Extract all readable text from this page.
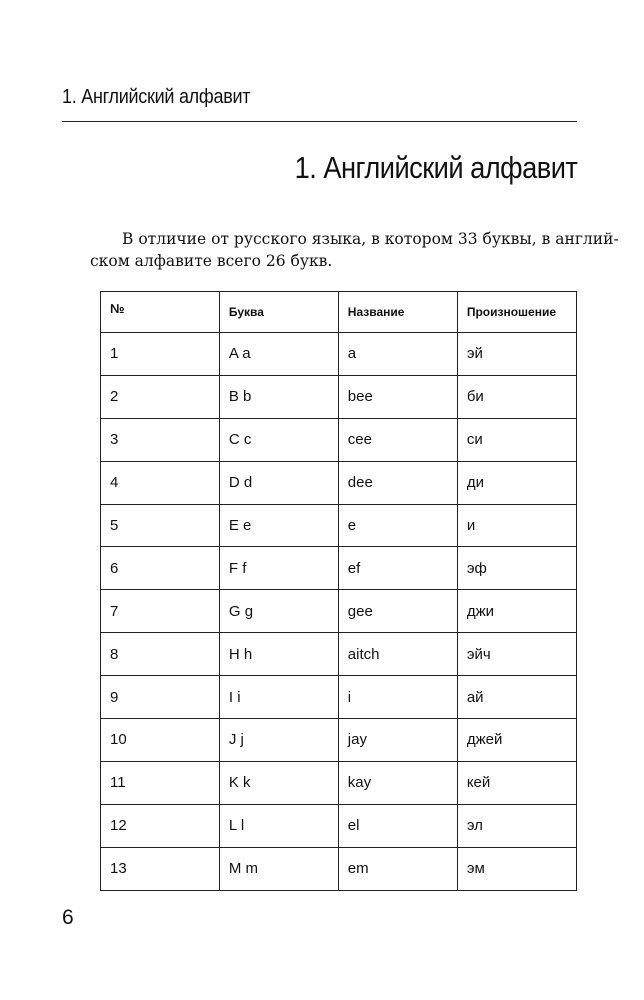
1. Английский алфавит
1. Английский алфавит

В отличие от русского языка, в котором 33 буквы, в англий-
ском алфавите всего 26 букв.

№	Буква	Название	Произношение
1	A a	a	эй
2	B b	bee	би
3	C c	cee	си
4	D d	dee	ди
5	E e	e	и
6	F f	ef	эф
7	G g	gee	джи
8	H h	aitch	эйч
9	I i	i	ай
10	J j	jay	джей
11	K k	kay	кей
12	L l	el	эл
13	M m	em	эм
6
